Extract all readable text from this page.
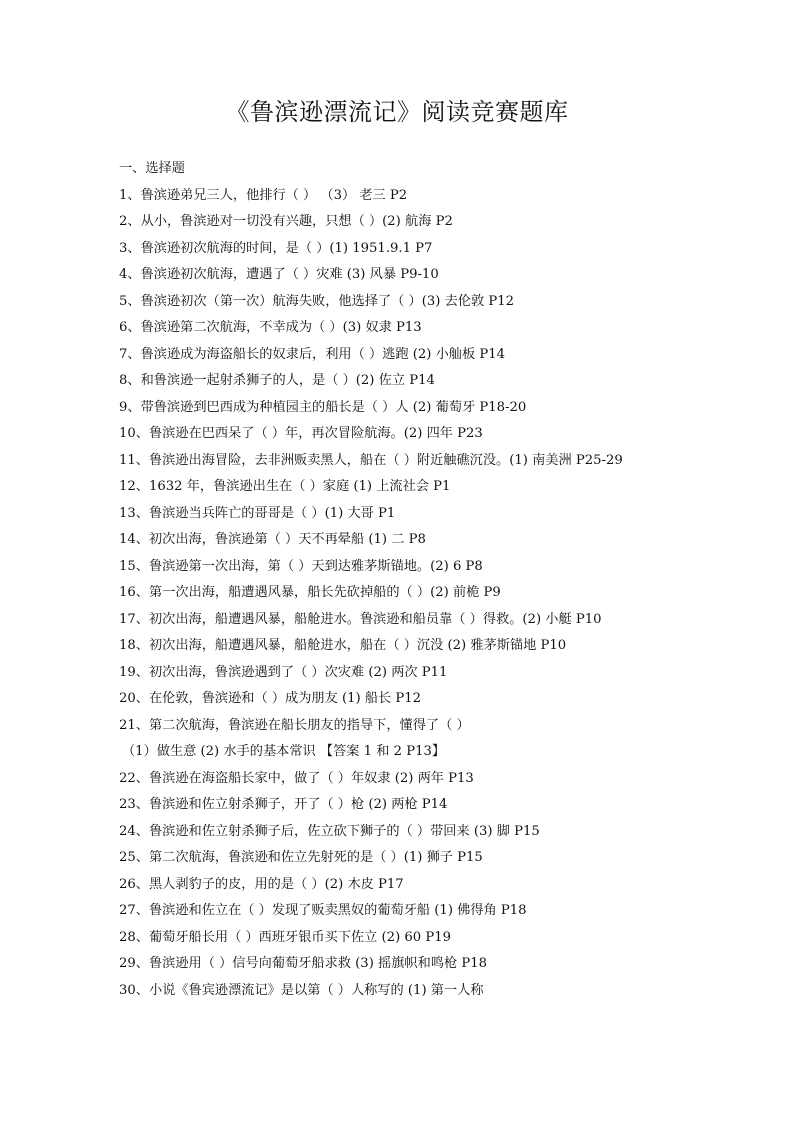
《鲁滨逊漂流记》阅读竞赛题库
一、选择题
1、鲁滨逊弟兄三人，他排行（ ） （3） 老三 P2
2、从小，鲁滨逊对一切没有兴趣，只想（ ）(2) 航海 P2
3、鲁滨逊初次航海的时间，是（ ）(1) 1951.9.1 P7
4、鲁滨逊初次航海，遭遇了（ ）灾难 (3) 风暴 P9-10
5、鲁滨逊初次（第一次）航海失败，他选择了（ ）(3) 去伦敦 P12
6、鲁滨逊第二次航海，不幸成为（ ）(3) 奴隶 P13
7、鲁滨逊成为海盗船长的奴隶后，利用（ ）逃跑 (2) 小舢板 P14
8、和鲁滨逊一起射杀狮子的人，是（ ）(2) 佐立 P14
9、带鲁滨逊到巴西成为种植园主的船长是（ ）人 (2) 葡萄牙 P18-20
10、鲁滨逊在巴西呆了（ ）年，再次冒险航海。(2) 四年 P23
11、鲁滨逊出海冒险，去非洲贩卖黑人，船在（ ）附近触礁沉没。(1) 南美洲 P25-29
12、1632 年，鲁滨逊出生在（ ）家庭 (1) 上流社会 P1
13、鲁滨逊当兵阵亡的哥哥是（ ）(1) 大哥 P1
14、初次出海，鲁滨逊第（ ）天不再晕船 (1) 二 P8
15、鲁滨逊第一次出海，第（ ）天到达雅茅斯锚地。(2) 6 P8
16、第一次出海，船遭遇风暴，船长先砍掉船的（ ）(2) 前桅 P9
17、初次出海，船遭遇风暴，船舱进水。鲁滨逊和船员靠（ ）得救。(2) 小艇 P10
18、初次出海，船遭遇风暴，船舱进水，船在（ ）沉没 (2) 雅茅斯锚地 P10
19、初次出海，鲁滨逊遇到了（ ）次灾难 (2) 两次 P11
20、在伦敦，鲁滨逊和（ ）成为朋友 (1) 船长 P12
21、第二次航海，鲁滨逊在船长朋友的指导下，懂得了（ ）
（1）做生意 (2) 水手的基本常识 【答案 1 和 2 P13】
22、鲁滨逊在海盗船长家中，做了（ ）年奴隶 (2) 两年 P13
23、鲁滨逊和佐立射杀狮子，开了（ ）枪 (2) 两枪 P14
24、鲁滨逊和佐立射杀狮子后，佐立砍下狮子的（ ）带回来 (3) 脚 P15
25、第二次航海，鲁滨逊和佐立先射死的是（ ）(1) 狮子 P15
26、黑人剥豹子的皮，用的是（ ）(2) 木皮 P17
27、鲁滨逊和佐立在（ ）发现了贩卖黑奴的葡萄牙船 (1) 佛得角 P18
28、葡萄牙船长用（ ）西班牙银币买下佐立 (2) 60 P19
29、鲁滨逊用（ ）信号向葡萄牙船求救 (3) 摇旗帜和鸣枪 P18
30、小说《鲁宾逊漂流记》是以第（ ）人称写的 (1) 第一人称
